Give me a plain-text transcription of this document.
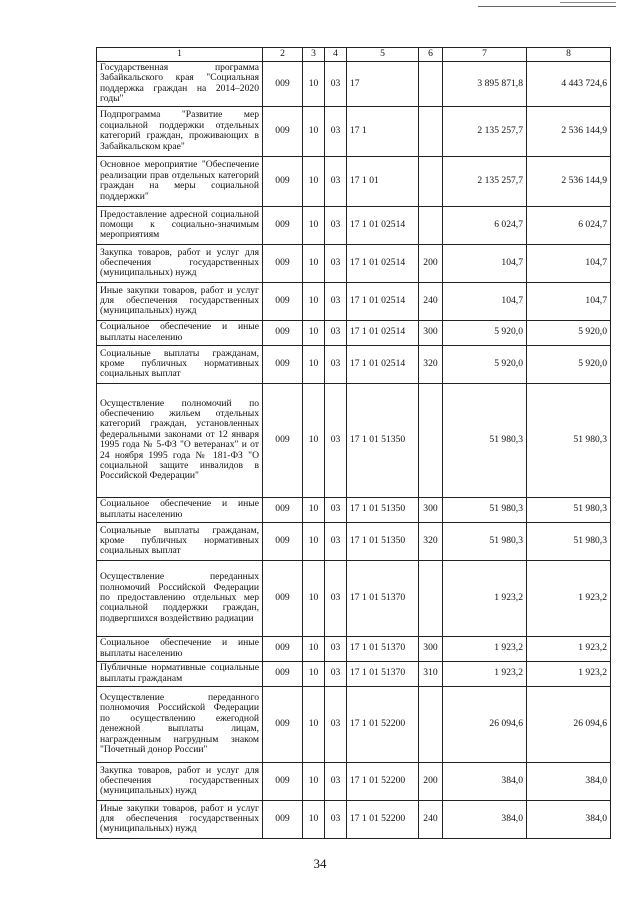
1	2	3	4	5	6	7	8
Государственная программа Забайкальского края "Социальная поддержка граждан на 2014–2020 годы"	009	10	03	17		3 895 871,8	4 443 724,6
Подпрограмма "Развитие мер социальной поддержки отдельных категорий граждан, проживающих в Забайкальском крае"	009	10	03	17 1		2 135 257,7	2 536 144,9
Основное мероприятие "Обеспечение реализации прав отдельных категорий граждан на меры социальной поддержки"	009	10	03	17 1 01		2 135 257,7	2 536 144,9
Предоставление адресной социальной помощи к социально-значимым мероприятиям	009	10	03	17 1 01 02514		6 024,7	6 024,7
Закупка товаров, работ и услуг для обеспечения государственных (муниципальных) нужд	009	10	03	17 1 01 02514	200	104,7	104,7
Иные закупки товаров, работ и услуг для обеспечения государственных (муниципальных) нужд	009	10	03	17 1 01 02514	240	104,7	104,7
Социальное обеспечение и иные выплаты населению	009	10	03	17 1 01 02514	300	5 920,0	5 920,0
Социальные выплаты гражданам, кроме публичных нормативных социальных выплат	009	10	03	17 1 01 02514	320	5 920,0	5 920,0
Осуществление полномочий по обеспечению жильем отдельных категорий граждан, установленных федеральными законами от 12 января 1995 года № 5-ФЗ "О ветеранах" и от 24 ноября 1995 года № 181-ФЗ "О социальной защите инвалидов в Российской Федерации"	009	10	03	17 1 01 51350		51 980,3	51 980,3
Социальное обеспечение и иные выплаты населению	009	10	03	17 1 01 51350	300	51 980,3	51 980,3
Социальные выплаты гражданам, кроме публичных нормативных социальных выплат	009	10	03	17 1 01 51350	320	51 980,3	51 980,3
Осуществление переданных полномочий Российской Федерации по предоставлению отдельных мер социальной поддержки граждан, подвергшихся воздействию радиации	009	10	03	17 1 01 51370		1 923,2	1 923,2
Социальное обеспечение и иные выплаты населению	009	10	03	17 1 01 51370	300	1 923,2	1 923,2
Публичные нормативные социальные выплаты гражданам	009	10	03	17 1 01 51370	310	1 923,2	1 923,2
Осуществление переданного полномочия Российской Федерации по осуществлению ежегодной денежной выплаты лицам, награжденным нагрудным знаком "Почетный донор России"	009	10	03	17 1 01 52200		26 094,6	26 094,6
Закупка товаров, работ и услуг для обеспечения государственных (муниципальных) нужд	009	10	03	17 1 01 52200	200	384,0	384,0
Иные закупки товаров, работ и услуг для обеспечения государственных (муниципальных) нужд	009	10	03	17 1 01 52200	240	384,0	384,0
34
